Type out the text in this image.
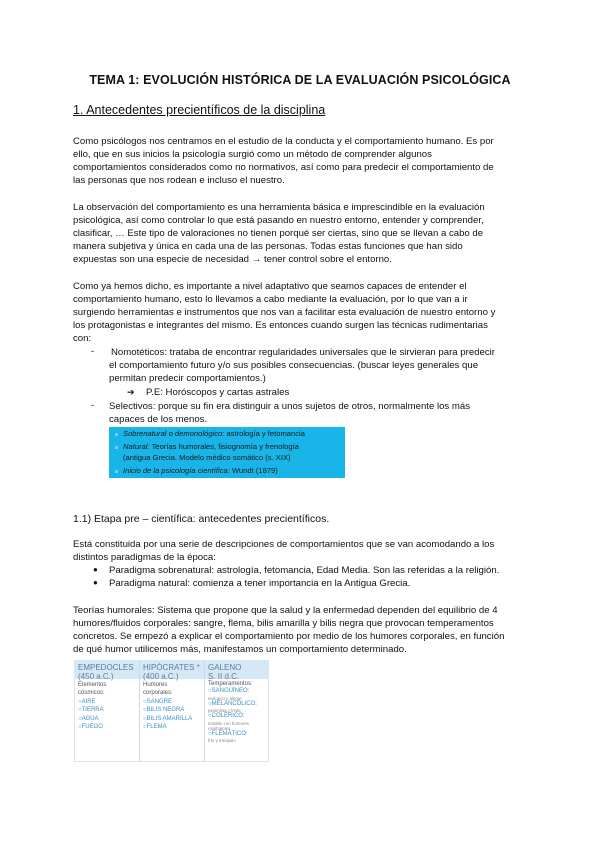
TEMA 1: EVOLUCIÓN HISTÓRICA DE LA EVALUACIÓN PSICOLÓGICA
1. Antecedentes precientíficos de la disciplina
Como psicólogos nos centramos en el estudio de la conducta y el comportamiento humano. Es por
ello, que en sus inicios la psicología surgió como un método de comprender algunos
comportamientos considerados como no normativos, así como para predecir el comportamiento de
las personas que nos rodean e incluso el nuestro.
La observación del comportamiento es una herramienta básica e imprescindible en la evaluación
psicológica, así como controlar lo que está pasando en nuestro entorno, entender y comprender,
clasificar, … Este tipo de valoraciones no tienen porqué ser ciertas, sino que se llevan a cabo de
manera subjetiva y única en cada una de las personas. Todas estas funciones que han sido
expuestas son una especie de necesidad → tener control sobre el entorno.
Como ya hemos dicho, es importante a nivel adaptativo que seamos capaces de entender el
comportamiento humano, esto lo llevamos a cabo mediante la evaluación, por lo que van a ir
surgiendo herramientas e instrumentos que nos van a facilitar esta evaluación de nuestro entorno y
los protagonistas e integrantes del mismo. Es entonces cuando surgen las técnicas rudimentarias
con:
- Nomotéticos: trataba de encontrar regularidades universales que le sirvieran para predecir
el comportamiento futuro y/o sus posibles consecuencias. (buscar leyes generales que
permitan predecir comportamientos.)
➔ P.E: Horóscopos y cartas astrales
- Selectivos: porque su fin era distinguir a unos sujetos de otros, normalmente los más
capaces de los menos.
Sobrenatural o demonológico: astrología y fetomancia
Natural: Teorías humorales, fisiognomía y frenología
(antigua Grecia. Modelo médico somático (s. XIX)
Inicio de la psicología científica: Wundt (1879)
1.1) Etapa pre – científica: antecedentes precientíficos.
Está constituida por una serie de descripciones de comportamientos que se van acomodando a los
distintos paradigmas de la época:
● Paradigma sobrenatural: astrología, fetomancia, Edad Media. Son las referidas a la religión.
● Paradigma natural: comienza a tener importancia en la Antigua Grecia.
Teorías humorales: Sistema que propone que la salud y la enfermedad dependen del equilibrio de 4
humores/fluidos corporales: sangre, flema, bilis amarilla y bilis negra que provocan temperamentos
concretos. Se empezó a explicar el comportamiento por medio de los humores corporales, en función
de qué humor utilicemos más, manifestamos un comportamiento determinado.
EMPEDOCLES
(450 a.C.)
Elementos
cósmicos:
○AIRE
○TIERRA
○AGUA
○FUEGO
HIPÓCRATES *
(400 a.C.)
Humores
corporales:
○SANGRE
○BILIS NEGRA
○BILIS AMARILLA
○FLEMA
GALENO
S. II d.C.
Temperamentos:
○SANGUÍNEO:
enérgico y alegre
○MELANCÓLICO:
pesimista y triste
○COLÉRICO:
irritable con humores cambiantes
○FLEMÁTICO:
frío y tranquilo
